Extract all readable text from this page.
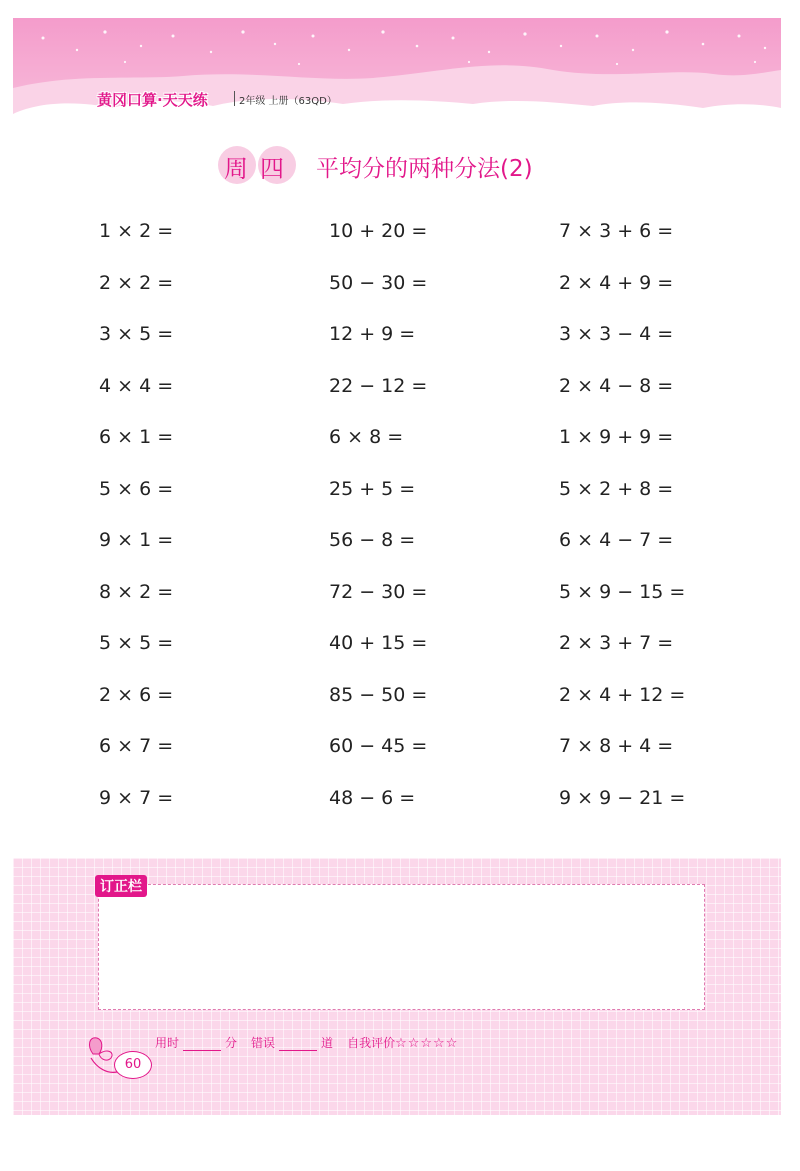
黄冈口算·天天练	2年级 上册（63QD）
周四 平均分的两种分法(2)
1 × 2 =	10 + 20 =	7 × 3 + 6 =
2 × 2 =	50 − 30 =	2 × 4 + 9 =
3 × 5 =	12 + 9 =	3 × 3 − 4 =
4 × 4 =	22 − 12 =	2 × 4 − 8 =
6 × 1 =	6 × 8 =	1 × 9 + 9 =
5 × 6 =	25 + 5 =	5 × 2 + 8 =
9 × 1 =	56 − 8 =	6 × 4 − 7 =
8 × 2 =	72 − 30 =	5 × 9 − 15 =
5 × 5 =	40 + 15 =	2 × 3 + 7 =
2 × 6 =	85 − 50 =	2 × 4 + 12 =
6 × 7 =	60 − 45 =	7 × 8 + 4 =
9 × 7 =	48 − 6 =	9 × 9 − 21 =
订正栏
60
用时	分 错误	道 自我评价☆☆☆☆☆
